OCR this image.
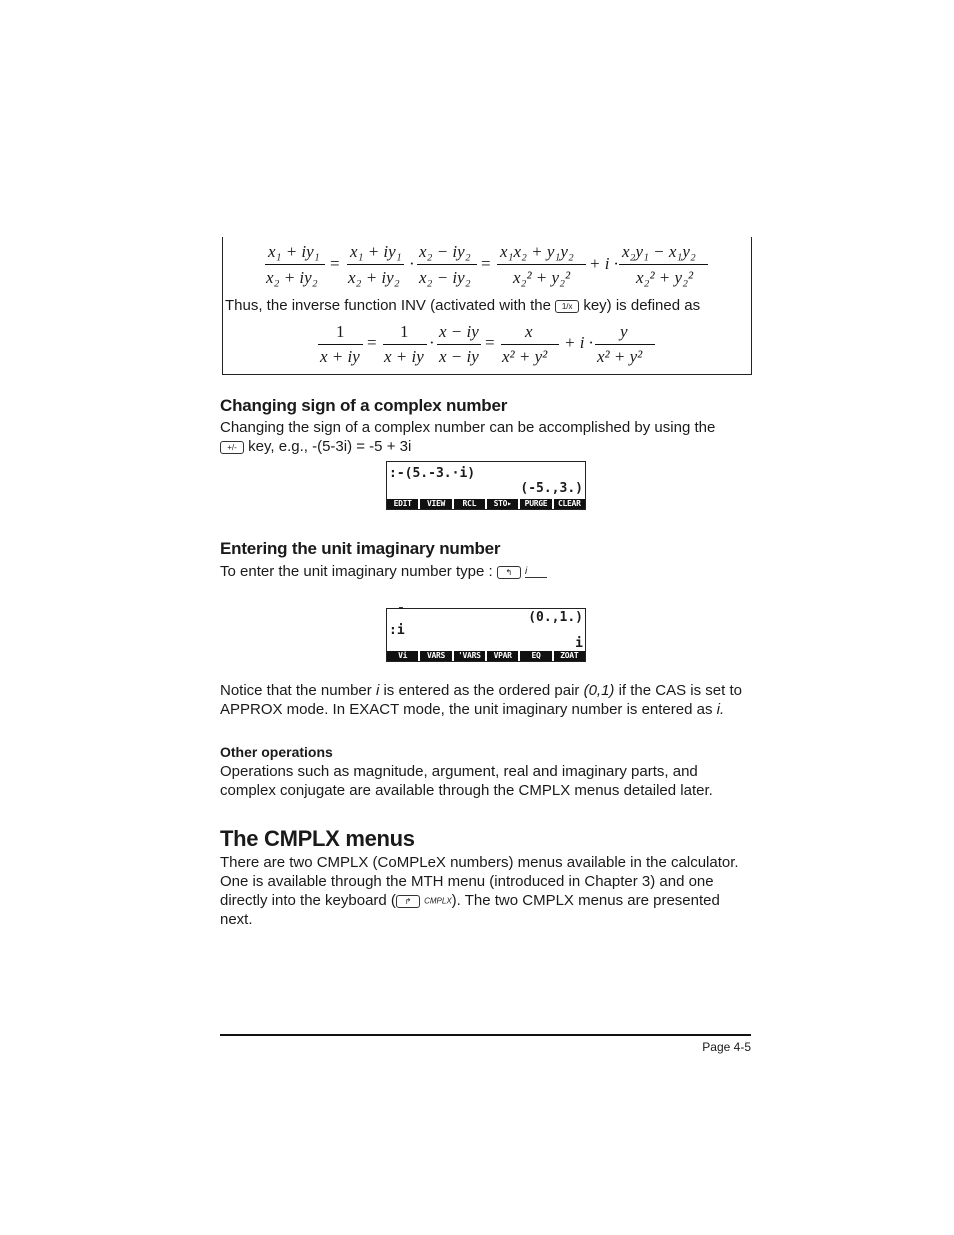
x₁ + iy₁
x₂ + iy₂
=
x₁ + iy₁
x₂ + iy₂
·
x₂ − iy₂
x₂ − iy₂
=
x₁x₂ + y₁y₂
x₂² + y₂²
+ i ·
x₂y₁ − x₁y₂
x₂² + y₂²
Thus, the inverse function INV (activated with the 1/x key) is defined as
1
x + iy
=
1
x + iy
·
x − iy
x − iy
=
x
x² + y²
+ i ·
y
x² + y²
Changing sign of a complex number
Changing the sign of a complex number can be accomplished by using the
+/- key, e.g., -(5-3i) = -5 + 3i
:-(5.-3.·i)
(-5.,3.)
EDIT	VIEW	RCL	STO▸	PURGE	CLEAR
Entering the unit imaginary number
To enter the unit imaginary number type : ↰ i
-
(0.,1.)
:i
i
Vi	VARS	'VARS	VPAR	EQ	ZOAT
Notice that the number i is entered as the ordered pair (0,1) if the CAS is set to
APPROX mode. In EXACT mode, the unit imaginary number is entered as i.
Other operations
Operations such as magnitude, argument, real and imaginary parts, and
complex conjugate are available through the CMPLX menus detailed later.
The CMPLX menus
There are two CMPLX (CoMPLeX numbers) menus available in the calculator.
One is available through the MTH menu (introduced in Chapter 3) and one
directly into the keyboard ( ↱ CMPLX). The two CMPLX menus are presented
next.
Page 4-5
